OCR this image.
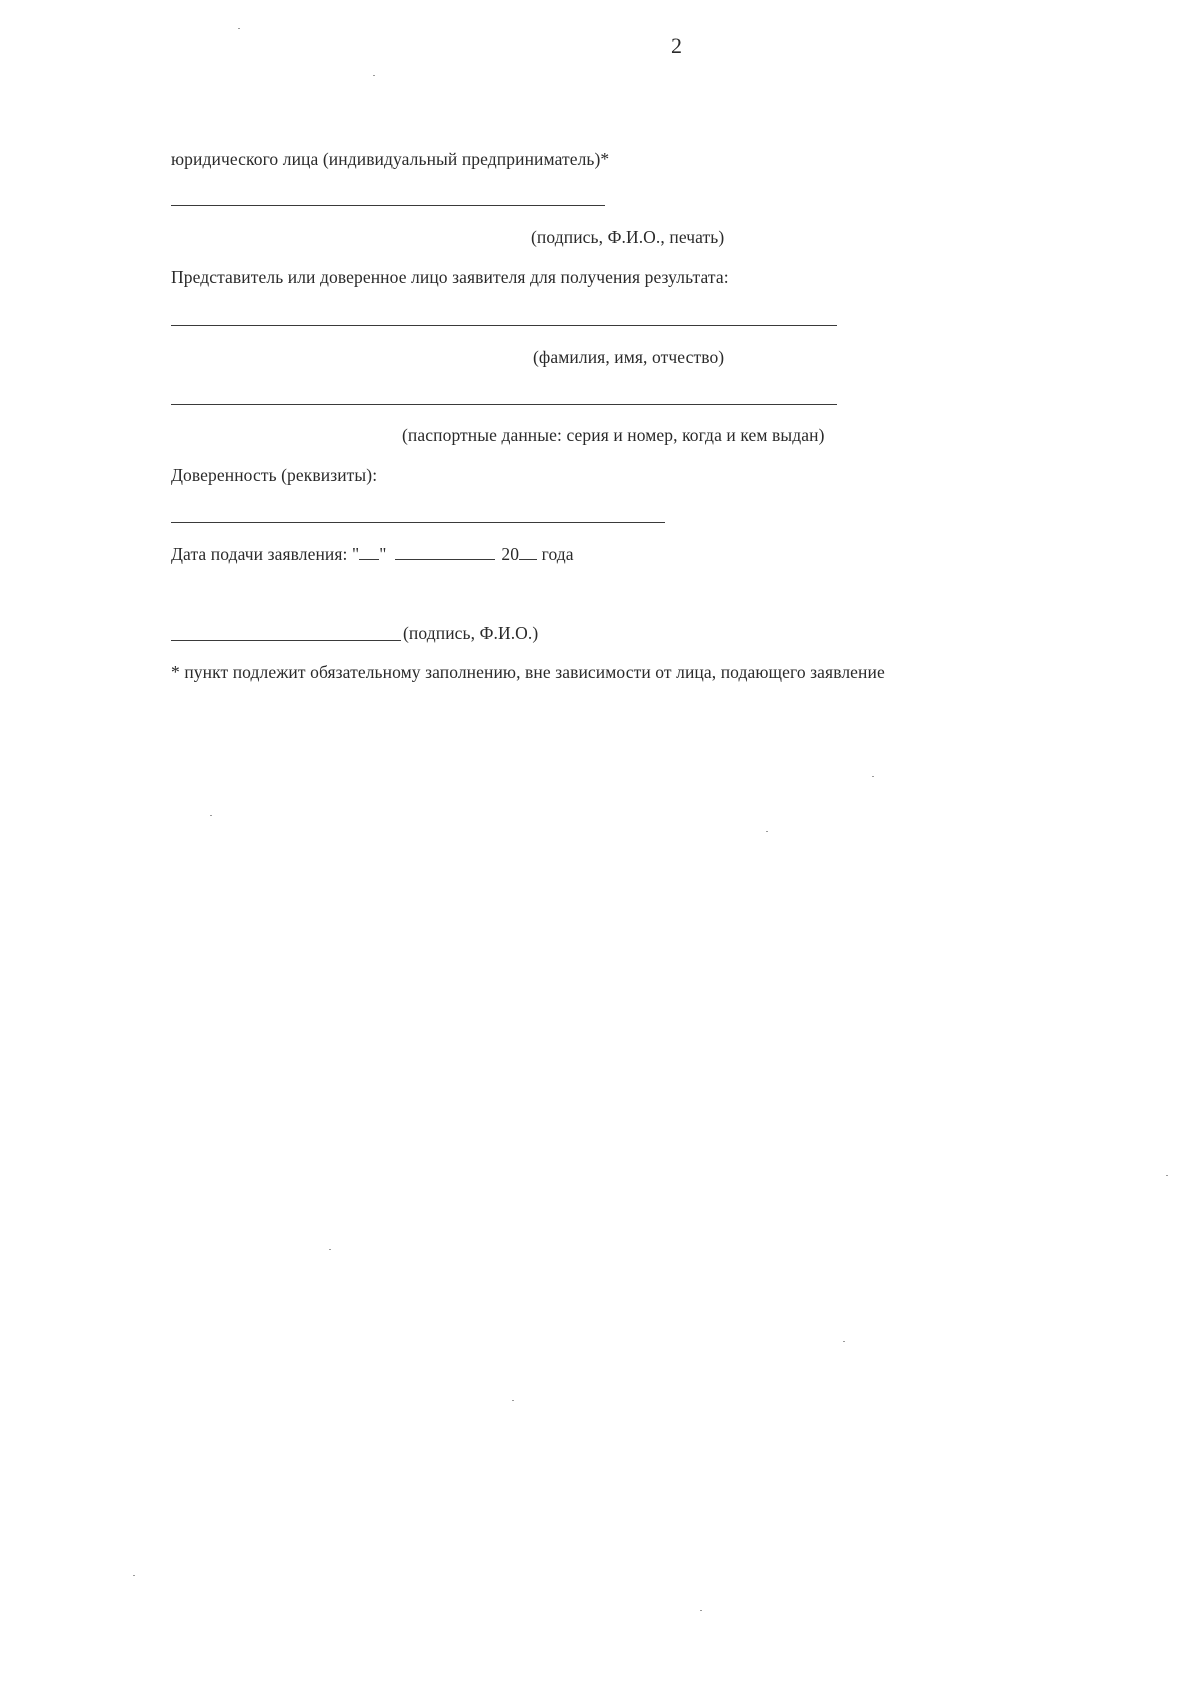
2
юридического лица (индивидуальный предприниматель)*
(подпись, Ф.И.О., печать)
Представитель или доверенное лицо заявителя для получения результата:
(фамилия, имя, отчество)
(паспортные данные: серия и номер, когда и кем выдан)
Доверенность (реквизиты):
Дата подачи заявления: " "	20 года
(подпись, Ф.И.О.)
* пункт подлежит обязательному заполнению, вне зависимости от лица, подающего заявление
